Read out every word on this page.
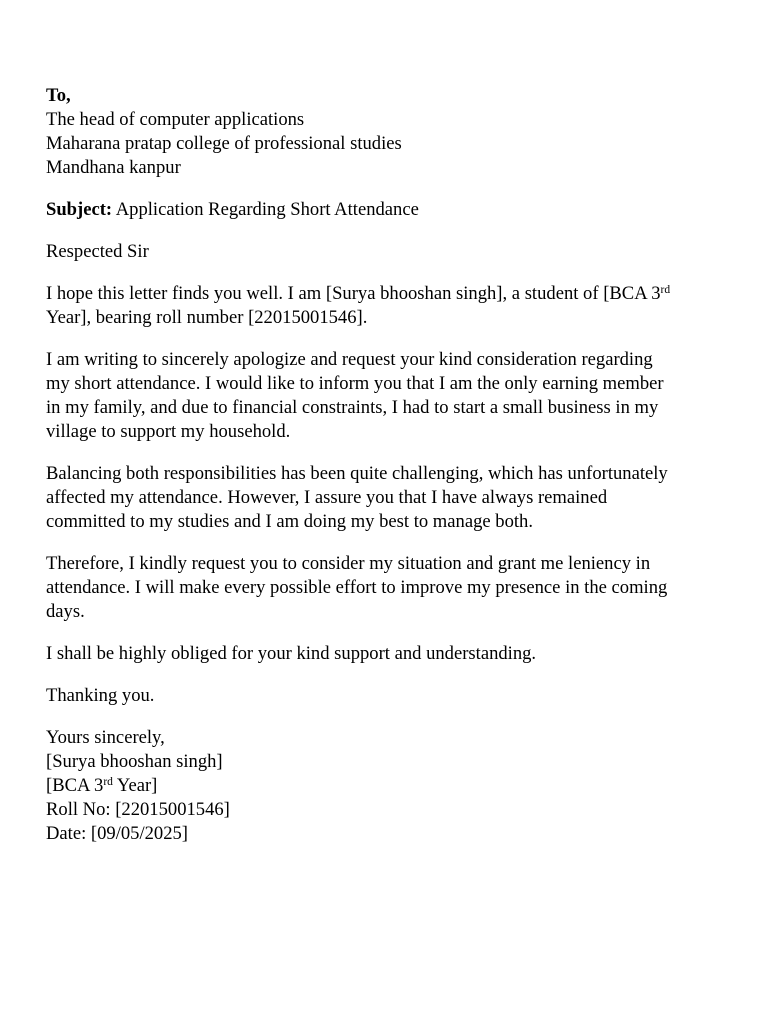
To,
The head of computer applications
Maharana pratap college of professional studies
Mandhana kanpur

Subject: Application Regarding Short Attendance

Respected Sir

I hope this letter finds you well. I am [Surya bhooshan singh], a student of [BCA 3rd
Year], bearing roll number [22015001546].

I am writing to sincerely apologize and request your kind consideration regarding
my short attendance. I would like to inform you that I am the only earning member
in my family, and due to financial constraints, I had to start a small business in my
village to support my household.

Balancing both responsibilities has been quite challenging, which has unfortunately
affected my attendance. However, I assure you that I have always remained
committed to my studies and I am doing my best to manage both.

Therefore, I kindly request you to consider my situation and grant me leniency in
attendance. I will make every possible effort to improve my presence in the coming
days.

I shall be highly obliged for your kind support and understanding.

Thanking you.

Yours sincerely,
[Surya bhooshan singh]
[BCA 3rd Year]
Roll No: [22015001546]
Date: [09/05/2025]
